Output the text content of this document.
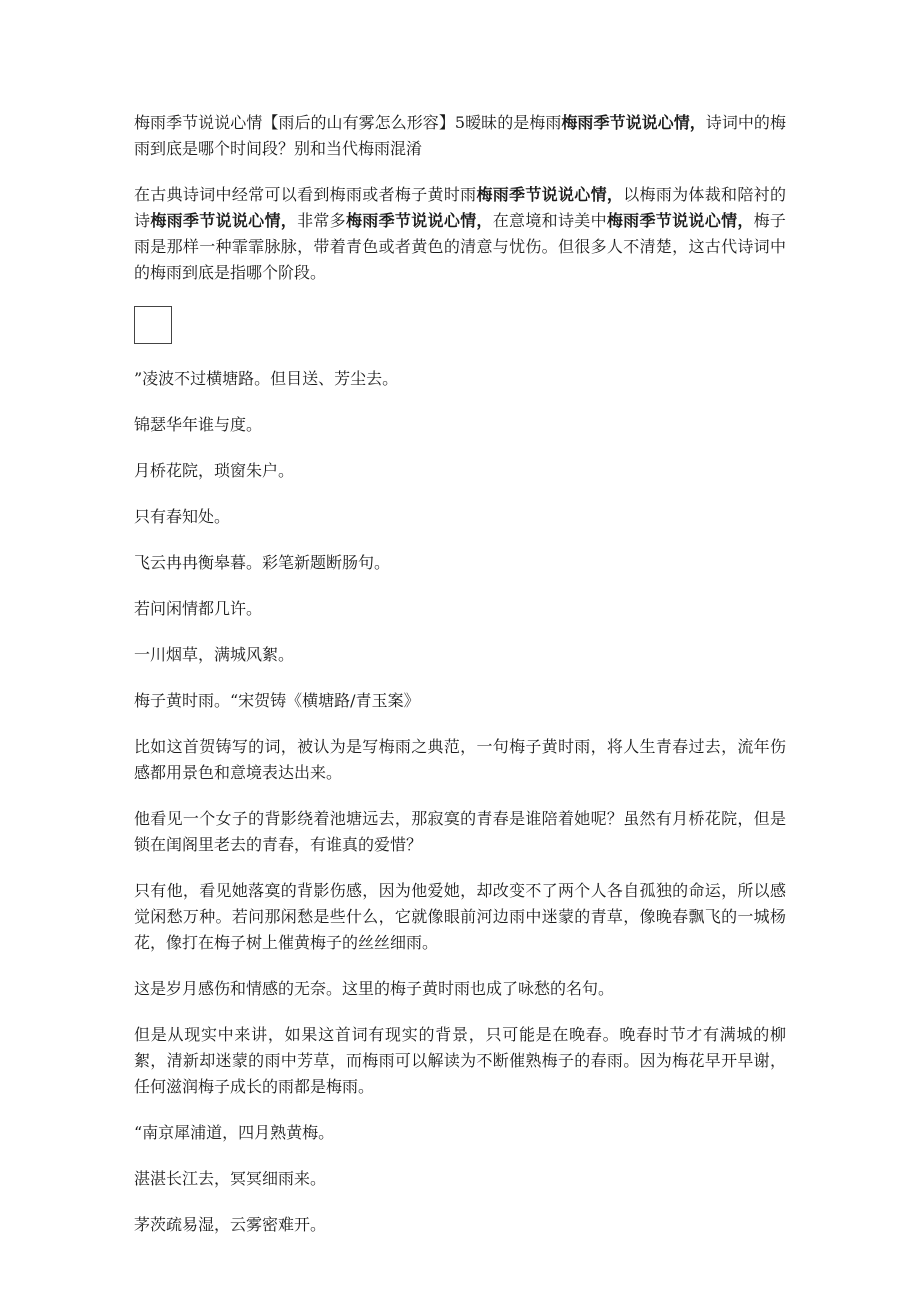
梅雨季节说说心情【雨后的山有雾怎么形容】5暧昧的是梅雨梅雨季节说说心情，诗词中的梅雨到底是哪个时间段？别和当代梅雨混淆

在古典诗词中经常可以看到梅雨或者梅子黄时雨梅雨季节说说心情，以梅雨为体裁和陪衬的诗梅雨季节说说心情，非常多梅雨季节说说心情，在意境和诗美中梅雨季节说说心情，梅子雨是那样一种霏霏脉脉，带着青色或者黄色的清意与忧伤。但很多人不清楚，这古代诗词中的梅雨到底是指哪个阶段。

”凌波不过横塘路。但目送、芳尘去。

锦瑟华年谁与度。

月桥花院，琐窗朱户。

只有春知处。

飞云冉冉衡皋暮。彩笔新题断肠句。

若问闲情都几许。

一川烟草，满城风絮。

梅子黄时雨。“宋贺铸《横塘路/青玉案》

比如这首贺铸写的词，被认为是写梅雨之典范，一句梅子黄时雨，将人生青春过去，流年伤感都用景色和意境表达出来。

他看见一个女子的背影绕着池塘远去，那寂寞的青春是谁陪着她呢？虽然有月桥花院，但是锁在闺阁里老去的青春，有谁真的爱惜？

只有他，看见她落寞的背影伤感，因为他爱她，却改变不了两个人各自孤独的命运，所以感觉闲愁万种。若问那闲愁是些什么，它就像眼前河边雨中迷蒙的青草，像晚春飘飞的一城杨花，像打在梅子树上催黄梅子的丝丝细雨。

这是岁月感伤和情感的无奈。这里的梅子黄时雨也成了咏愁的名句。

但是从现实中来讲，如果这首词有现实的背景，只可能是在晚春。晚春时节才有满城的柳絮，清新却迷蒙的雨中芳草，而梅雨可以解读为不断催熟梅子的春雨。因为梅花早开早谢，任何滋润梅子成长的雨都是梅雨。

“南京犀浦道，四月熟黄梅。

湛湛长江去，冥冥细雨来。

茅茨疏易湿，云雾密难开。
